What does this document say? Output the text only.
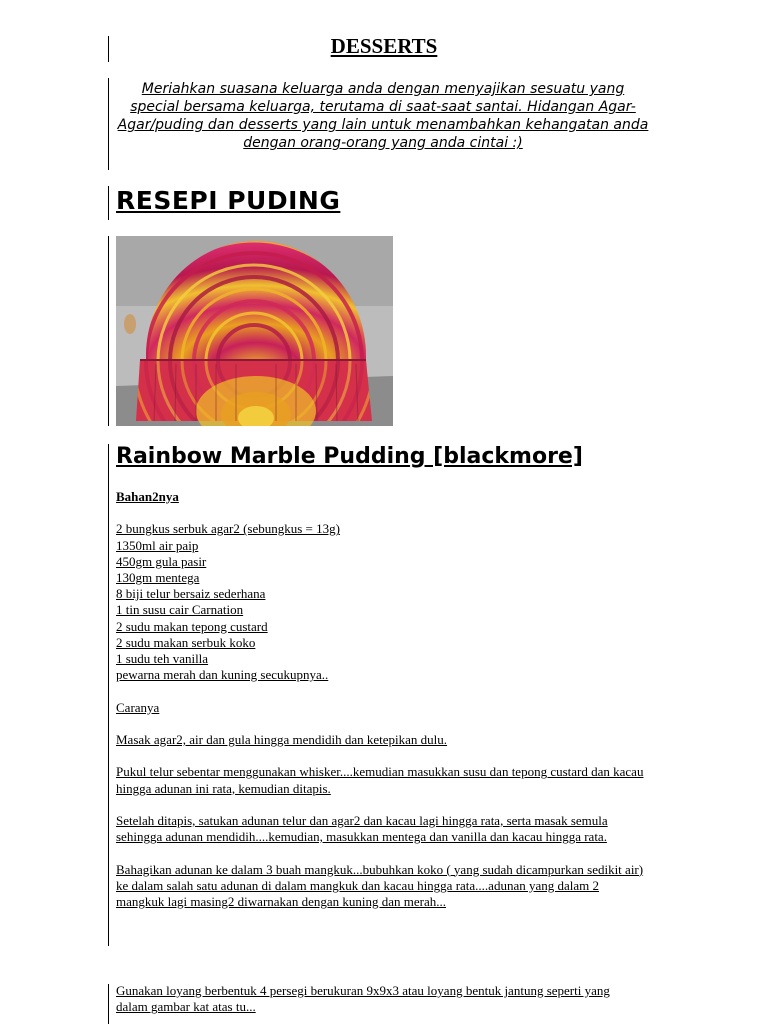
DESSERTS
Meriahkan suasana keluarga anda dengan menyajikan sesuatu yang special bersama keluarga, terutama di saat-saat santai. Hidangan Agar-Agar/puding dan desserts yang lain untuk menambahkan kehangatan anda dengan orang-orang yang anda cintai :)
RESEPI PUDING
Rainbow Marble Pudding [blackmore]

Bahan2nya

2 bungkus serbuk agar2 (sebungkus = 13g)

1350ml air paip

450gm gula pasir

130gm mentega

8 biji telur bersaiz sederhana

1 tin susu cair Carnation

2 sudu makan tepong custard

2 sudu makan serbuk koko

1 sudu teh vanilla

pewarna merah dan kuning secukupnya..

Caranya

Masak agar2, air dan gula hingga mendidih dan ketepikan dulu.

Pukul telur sebentar menggunakan whisker....kemudian masukkan susu dan tepong custard dan kacau hingga adunan ini rata, kemudian ditapis.

Setelah ditapis, satukan adunan telur dan agar2 dan kacau lagi hingga rata, serta masak semula sehingga adunan mendidih....kemudian, masukkan mentega dan vanilla dan kacau hingga rata.

Bahagikan adunan ke dalam 3 buah mangkuk...bubuhkan koko ( yang sudah dicampurkan sedikit air) ke dalam salah satu adunan di dalam mangkuk dan kacau hingga rata....adunan yang dalam 2 mangkuk lagi masing2 diwarnakan dengan kuning dan merah...

Gunakan loyang berbentuk 4 persegi berukuran 9x9x3 atau loyang bentuk jantung seperti yang dalam gambar kat atas tu...
